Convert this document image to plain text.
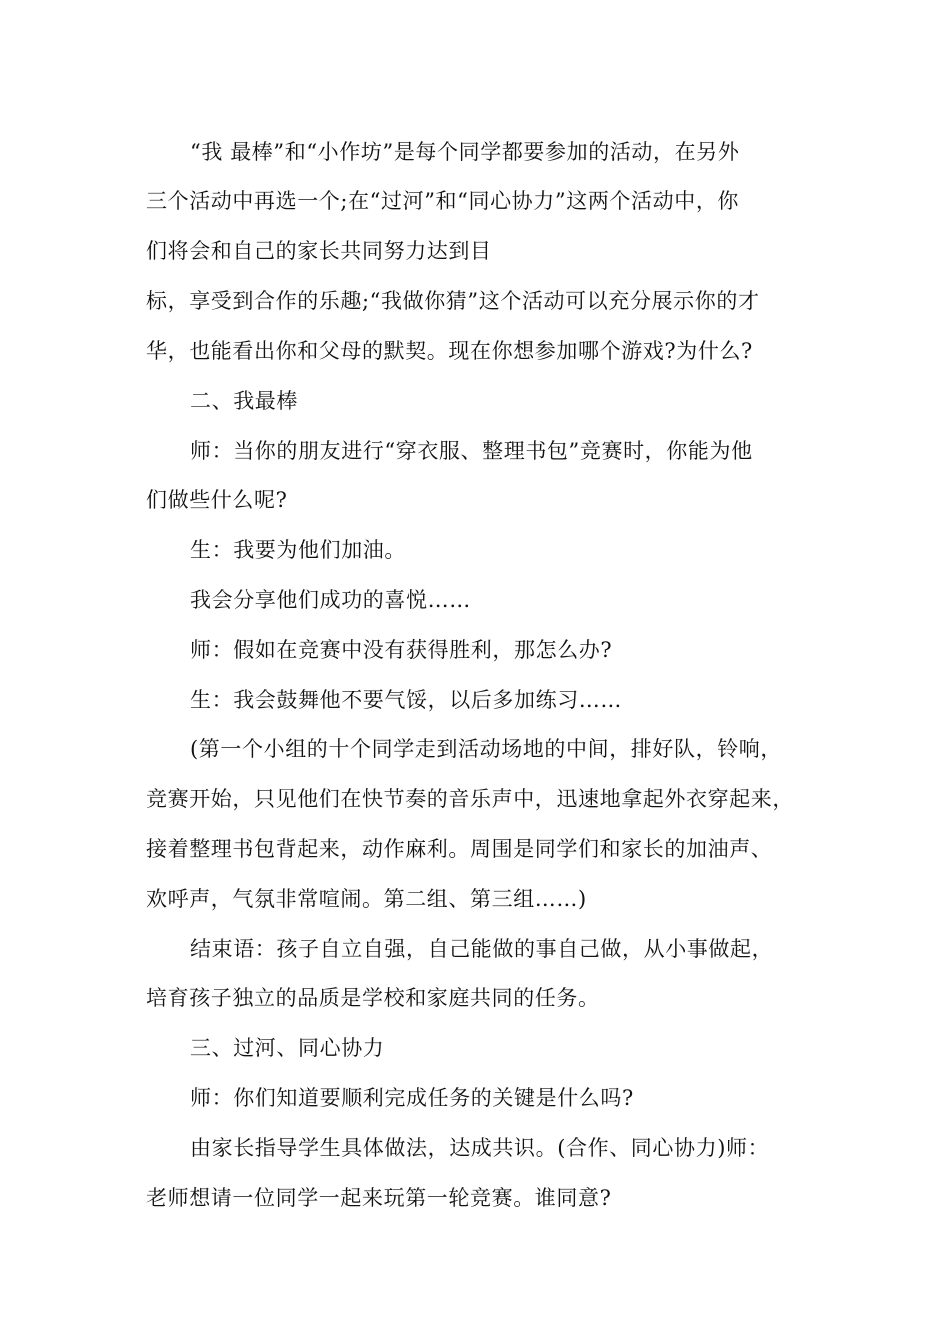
“我 最棒”和“小作坊”是每个同学都要参加的活动，在另外
三个活动中再选一个;在“过河”和“同心协力”这两个活动中，你
们将会和自己的家长共同努力达到目
标，享受到合作的乐趣;“我做你猜”这个活动可以充分展示你的才
华，也能看出你和父母的默契。现在你想参加哪个游戏?为什么?
二、我最棒
师：当你的朋友进行“穿衣服、整理书包”竞赛时，你能为他
们做些什么呢?
生：我要为他们加油。
我会分享他们成功的喜悦……
师：假如在竞赛中没有获得胜利，那怎么办?
生：我会鼓舞他不要气馁，以后多加练习……
(第一个小组的十个同学走到活动场地的中间，排好队，铃响，
竞赛开始，只见他们在快节奏的音乐声中，迅速地拿起外衣穿起来，
接着整理书包背起来，动作麻利。周围是同学们和家长的加油声、
欢呼声，气氛非常喧闹。第二组、第三组……)
结束语：孩子自立自强，自己能做的事自己做，从小事做起，
培育孩子独立的品质是学校和家庭共同的任务。
三、过河、同心协力
师：你们知道要顺利完成任务的关键是什么吗?
由家长指导学生具体做法，达成共识。(合作、同心协力)师：
老师想请一位同学一起来玩第一轮竞赛。谁同意?
